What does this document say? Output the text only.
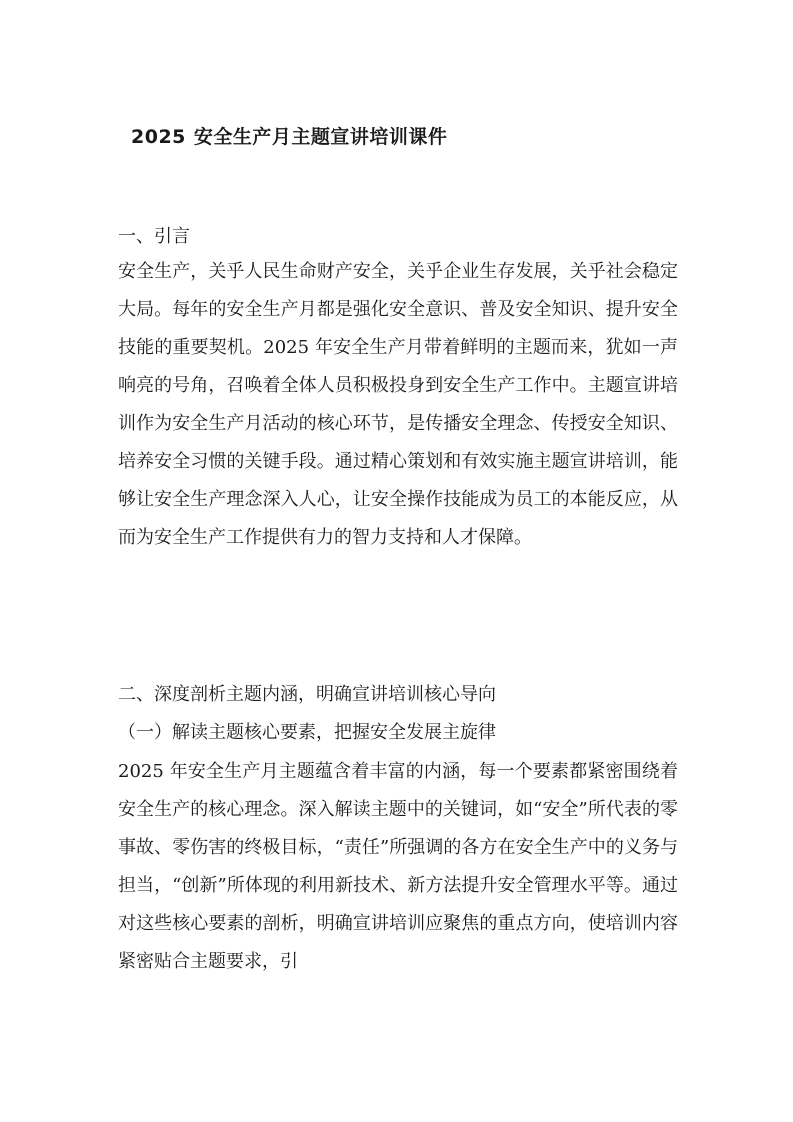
2025 安全生产月主题宣讲培训课件
一、引言
安全生产，关乎人民生命财产安全，关乎企业生存发展，关乎社会稳定大局。每年的安全生产月都是强化安全意识、普及安全知识、提升安全技能的重要契机。2025 年安全生产月带着鲜明的主题而来，犹如一声响亮的号角，召唤着全体人员积极投身到安全生产工作中。主题宣讲培训作为安全生产月活动的核心环节，是传播安全理念、传授安全知识、培养安全习惯的关键手段。通过精心策划和有效实施主题宣讲培训，能够让安全生产理念深入人心，让安全操作技能成为员工的本能反应，从而为安全生产工作提供有力的智力支持和人才保障。
二、深度剖析主题内涵，明确宣讲培训核心导向
（一）解读主题核心要素，把握安全发展主旋律
2025 年安全生产月主题蕴含着丰富的内涵，每一个要素都紧密围绕着安全生产的核心理念。深入解读主题中的关键词，如“安全”所代表的零事故、零伤害的终极目标，“责任”所强调的各方在安全生产中的义务与担当，“创新”所体现的利用新技术、新方法提升安全管理水平等。通过对这些核心要素的剖析，明确宣讲培训应聚焦的重点方向，使培训内容紧密贴合主题要求，引
